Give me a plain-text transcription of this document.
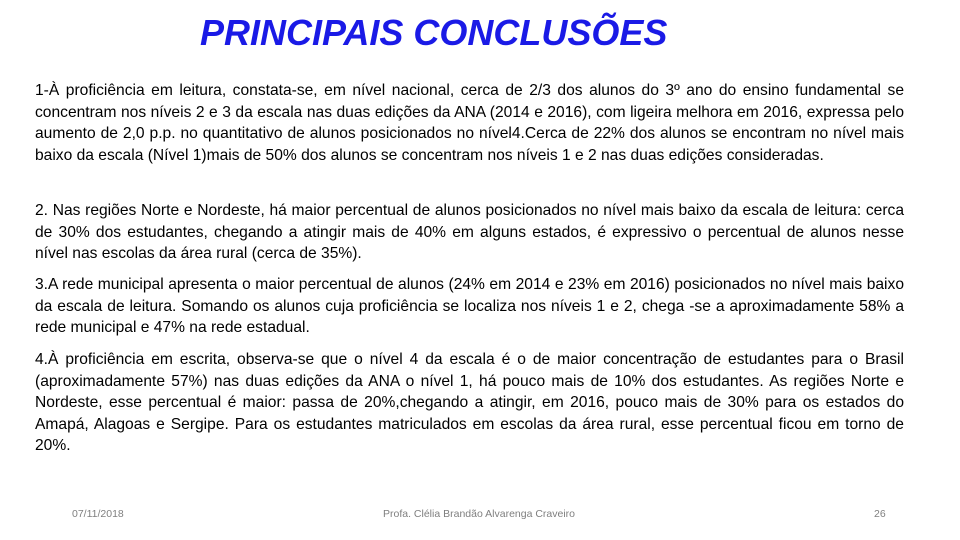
PRINCIPAIS CONCLUSÕES

1-À proficiência em leitura, constata-se, em nível nacional, cerca de 2/3 dos alunos do 3º ano do ensino fundamental se concentram nos níveis 2 e 3 da escala nas duas edições da ANA (2014 e 2016), com ligeira melhora em 2016, expressa pelo aumento de 2,0 p.p. no quantitativo de alunos posicionados no nível4.Cerca de 22% dos alunos se encontram no nível mais baixo da escala (Nível 1)mais de 50% dos alunos se concentram nos níveis 1 e 2 nas duas edições consideradas.

2. Nas regiões Norte e Nordeste, há maior percentual de alunos posicionados no nível mais baixo da escala de leitura: cerca de 30% dos estudantes, chegando a atingir mais de 40% em alguns estados, é expressivo o percentual de alunos nesse nível nas escolas da área rural (cerca de 35%).

3.A rede municipal apresenta o maior percentual de alunos (24% em 2014 e 23% em 2016) posicionados no nível mais baixo da escala de leitura. Somando os alunos cuja proficiência se localiza nos níveis 1 e 2, chega -se a aproximadamente 58% a rede municipal e 47% na rede estadual.

4.À proficiência em escrita, observa-se que o nível 4 da escala é o de maior concentração de estudantes para o Brasil (aproximadamente 57%) nas duas edições da ANA o nível 1, há pouco mais de 10% dos estudantes. As regiões Norte e Nordeste, esse percentual é maior: passa de 20%,chegando a atingir, em 2016, pouco mais de 30% para os estados do Amapá, Alagoas e Sergipe. Para os estudantes matriculados em escolas da área rural, esse percentual ficou em torno de 20%.

07/11/2018	Profa. Clélia Brandão Alvarenga Craveiro	26
